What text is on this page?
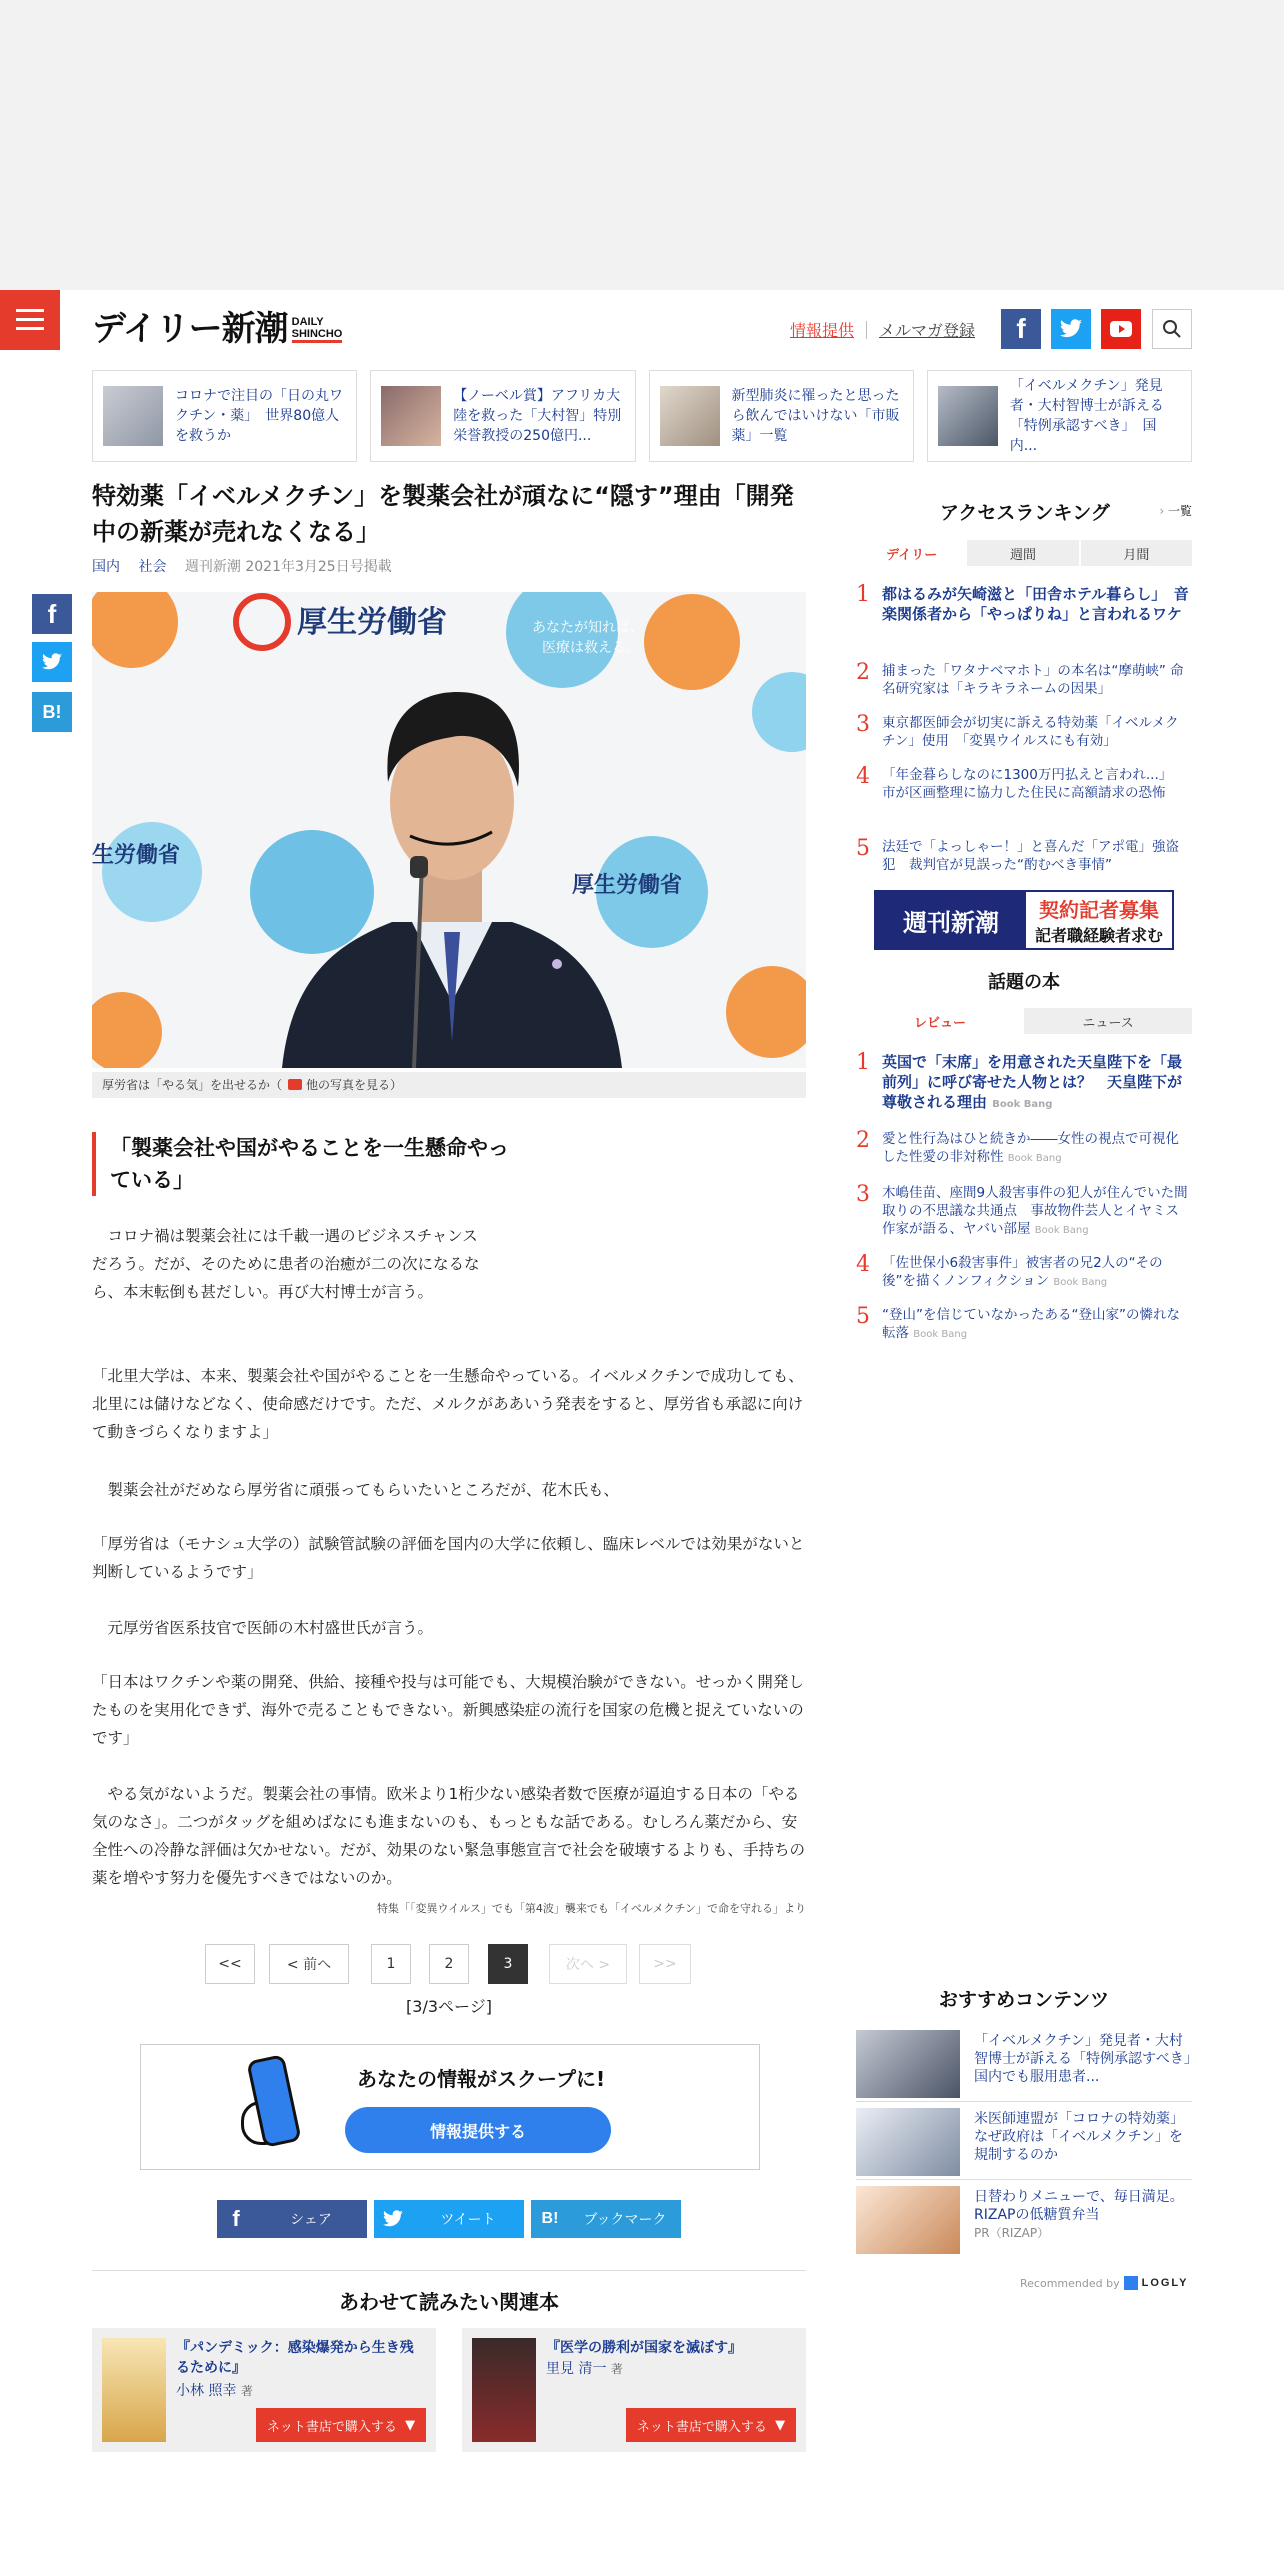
デイリー新潮 DAILY
SHINCHO	情報提供 メルマガ登録	f
コロナで注目の「日の丸ワクチン・薬」　世界80億人を救うか
【ノーベル賞】アフリカ大陸を救った「大村智」特別栄誉教授の250億円...
新型肺炎に罹ったと思ったら飲んではいけない「市販薬」一覧
「イベルメクチン」発見者・大村智博士が訴える「特例承認すべき」　国内...
特効薬「イベルメクチン」を製薬会社が頑なに“隠す”理由「開発中の新薬が売れなくなる」
国内 社会 週刊新潮 2021年3月25日号掲載
f
B!
厚生労働省
厚生労働省
生労働省
あなたが知れば、
医療は救える。
厚労省は「やる気」を出せるか（ 他の写真を見る）
「製薬会社や国がやることを一生懸命やっている」

　コロナ禍は製薬会社には千載一遇のビジネスチャンスだろう。だが、そのために患者の治癒が二の次になるなら、本末転倒も甚だしい。再び大村博士が言う。

「北里大学は、本来、製薬会社や国がやることを一生懸命やっている。イベルメクチンで成功しても、北里には儲けなどなく、使命感だけです。ただ、メルクがああいう発表をすると、厚労省も承認に向けて動きづらくなりますよ」

　製薬会社がだめなら厚労省に頑張ってもらいたいところだが、花木氏も、

「厚労省は（モナシュ大学の）試験管試験の評価を国内の大学に依頼し、臨床レベルでは効果がないと判断しているようです」

　元厚労省医系技官で医師の木村盛世氏が言う。

「日本はワクチンや薬の開発、供給、接種や投与は可能でも、大規模治験ができない。せっかく開発したものを実用化できず、海外で売ることもできない。新興感染症の流行を国家の危機と捉えていないのです」

　やる気がないようだ。製薬会社の事情。欧米より1桁少ない感染者数で医療が逼迫する日本の「やる気のなさ」。二つがタッグを組めばなにも進まないのも、もっともな話である。むしろん薬だから、安全性への冷静な評価は欠かせない。だが、効果のない緊急事態宣言で社会を破壊するよりも、手持ちの薬を増やす努力を優先すべきではないのか。

特集「「変異ウイルス」でも「第4波」襲来でも「イベルメクチン」で命を守れる」より
<<	< 前へ	1	2	3	次へ >	>>
[3/3ページ]
あなたの情報がスクープに!
情報提供する
f	シェア	ツイート	B!	ブックマーク
あわせて読みたい関連本
『パンデミック：感染爆発から生き残るために』
小林 照幸 著
ネット書店で購入する
▼
『医学の勝利が国家を滅ぼす』
里見 清一 著
ネット書店で購入する
▼
アクセスランキング	› 一覧
デイリー	週間	月間
1 都はるみが矢崎滋と「田舎ホテル暮らし」　音楽関係者から「やっぱりね」と言われるワケ
2 捕まった「ワタナベマホト」の本名は“摩萌峡” 命名研究家は「キラキラネームの因果」
3 東京都医師会が切実に訴える特効薬「イベルメクチン」使用　「変異ウイルスにも有効」
4 「年金暮らしなのに1300万円払えと言われ...」　市が区画整理に協力した住民に高額請求の恐怖
5 法廷で「よっしゃー！」と喜んだ「アポ電」強盗犯　裁判官が見誤った“酌むべき事情”
週刊新潮	契約記者募集
記者職経験者求む
話題の本
レビュー	ニュース
1 英国で「末席」を用意された天皇陛下を「最前列」に呼び寄せた人物とは？　天皇陛下が尊敬される理由 Book Bang
2 愛と性行為はひと続きか――女性の視点で可視化した性愛の非対称性 Book Bang
3 木嶋佳苗、座間9人殺害事件の犯人が住んでいた間取りの不思議な共通点　事故物件芸人とイヤミス作家が語る、ヤバい部屋 Book Bang
4 「佐世保小6殺害事件」被害者の兄2人の“その後”を描くノンフィクション Book Bang
5 “登山”を信じていなかったある“登山家”の憐れな転落 Book Bang
おすすめコンテンツ
「イベルメクチン」発見者・大村智博士が訴える「特例承認すべき」　国内でも服用患者...
米医師連盟が「コロナの特効薬」　なぜ政府は「イベルメクチン」を規制するのか
日替わりメニューで、毎日満足。RIZAPの低糖質弁当
PR（RIZAP）
Recommended by LOGLY
